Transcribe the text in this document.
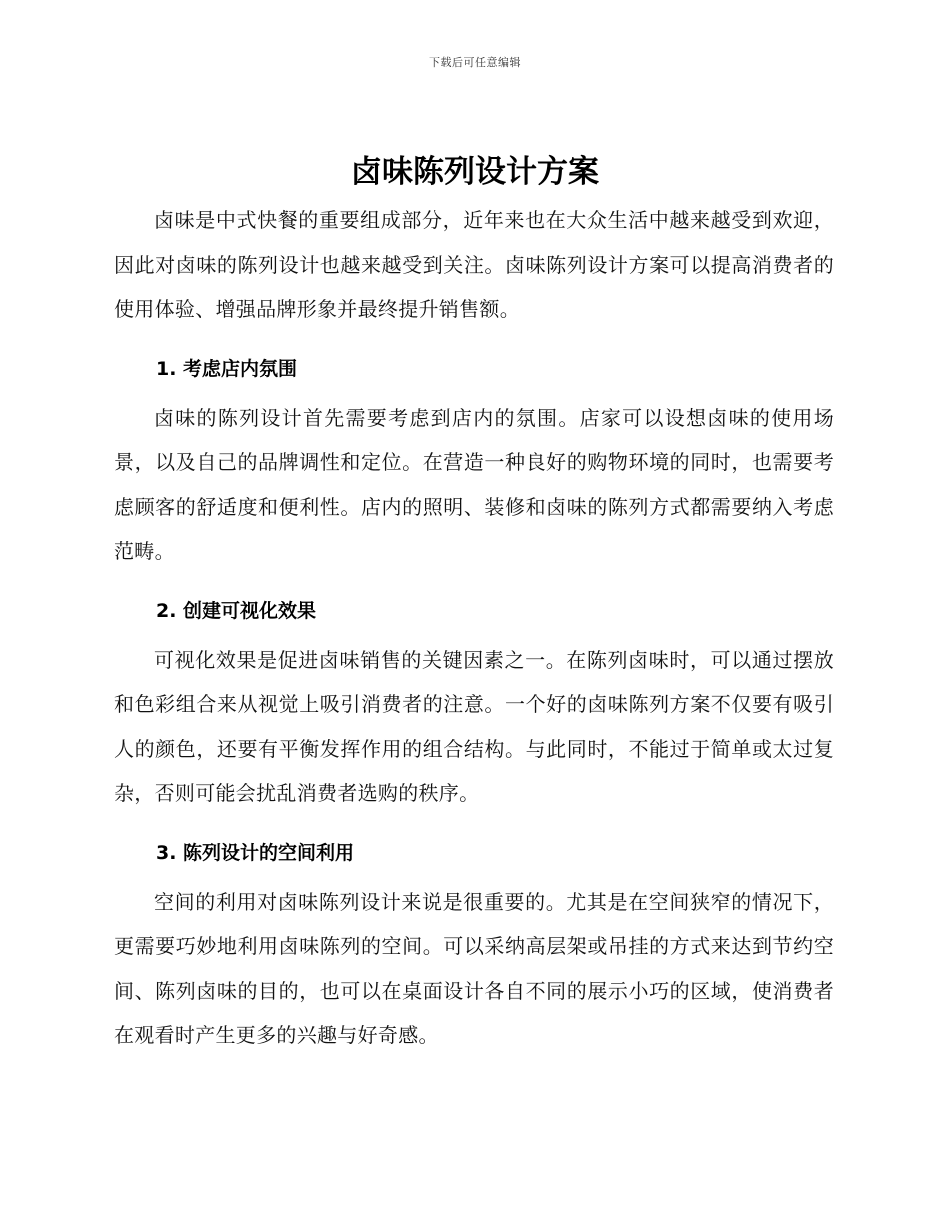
下载后可任意编辑
卤味陈列设计方案

卤味是中式快餐的重要组成部分，近年来也在大众生活中越来越受到欢迎，因此对卤味的陈列设计也越来越受到关注。卤味陈列设计方案可以提高消费者的使用体验、增强品牌形象并最终提升销售额。

1. 考虑店内氛围

卤味的陈列设计首先需要考虑到店内的氛围。店家可以设想卤味的使用场景，以及自己的品牌调性和定位。在营造一种良好的购物环境的同时，也需要考虑顾客的舒适度和便利性。店内的照明、装修和卤味的陈列方式都需要纳入考虑范畴。

2. 创建可视化效果

可视化效果是促进卤味销售的关键因素之一。在陈列卤味时，可以通过摆放和色彩组合来从视觉上吸引消费者的注意。一个好的卤味陈列方案不仅要有吸引人的颜色，还要有平衡发挥作用的组合结构。与此同时，不能过于简单或太过复杂，否则可能会扰乱消费者选购的秩序。

3. 陈列设计的空间利用

空间的利用对卤味陈列设计来说是很重要的。尤其是在空间狭窄的情况下，更需要巧妙地利用卤味陈列的空间。可以采纳高层架或吊挂的方式来达到节约空间、陈列卤味的目的，也可以在桌面设计各自不同的展示小巧的区域，使消费者在观看时产生更多的兴趣与好奇感。
